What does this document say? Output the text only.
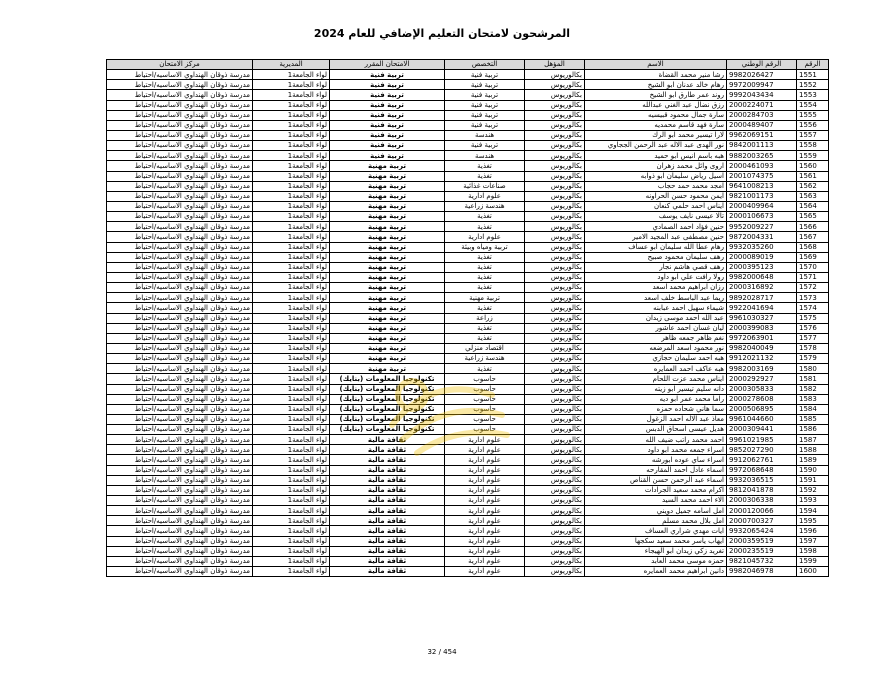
المرشحون لامتحان التعليم الإضافي للعام 2024
الرقم	الرقم الوطني	الاسم	المؤهل	التخصص	الامتحان المقرر	المديرية	مركز الامتحان
1551	9982026427	رشا منير محمد القضاة	بكالوريوس	تربية فنية	تربية فنية	لواء الجامعة1	مدرسة ذوقان الهنداوي الاساسيه/احتياط
1552	9972009947	رهام خالد عدنان ابو الشيخ	بكالوريوس	تربية فنية	تربية فنية	لواء الجامعة1	مدرسة ذوقان الهنداوي الاساسيه/احتياط
1553	9992043434	روند عمر طارق ابو الشيخ	بكالوريوس	تربية فنية	تربية فنية	لواء الجامعة1	مدرسة ذوقان الهنداوي الاساسيه/احتياط
1554	2000224071	رزق نضال عبد الغني عبدالله	بكالوريوس	تربية فنية	تربية فنية	لواء الجامعة1	مدرسة ذوقان الهنداوي الاساسيه/احتياط
1555	2000284703	سارة جمال محمود قبيسيه	بكالوريوس	تربية فنية	تربية فنية	لواء الجامعة1	مدرسة ذوقان الهنداوي الاساسيه/احتياط
1556	2000489407	سارة فهد قاسم محمديه	بكالوريوس	تربية فنية	تربية فنية	لواء الجامعة1	مدرسة ذوقان الهنداوي الاساسيه/احتياط
1557	9962069151	لارا تيسير محمد ابو الرك	بكالوريوس	هندسة	تربية فنية	لواء الجامعة1	مدرسة ذوقان الهنداوي الاساسيه/احتياط
1558	9842001113	نور الهدى عبد الاله عبد الرحمن الججاوي	بكالوريوس	تربية فنية	تربية فنية	لواء الجامعة1	مدرسة ذوقان الهنداوي الاساسيه/احتياط
1559	9882003265	هبه باسم انيس ابو حميد	بكالوريوس	هندسة	تربية فنية	لواء الجامعة1	مدرسة ذوقان الهنداوي الاساسيه/احتياط
1560	2000461093	اروى وائل محمد زهران	بكالوريوس	تغذية	تربية مهنية	لواء الجامعة1	مدرسة ذوقان الهنداوي الاساسيه/احتياط
1561	2001074375	اسيل رياض سليمان ابو ذوابه	بكالوريوس	تغذية	تربية مهنية	لواء الجامعة1	مدرسة ذوقان الهنداوي الاساسيه/احتياط
1562	9641008213	امجد محمد حمد حجاب	بكالوريوس	صناعات غذائية	تربية مهنية	لواء الجامعة1	مدرسة ذوقان الهنداوي الاساسيه/احتياط
1563	9821001173	ايمن محمود حسن الحراونه	بكالوريوس	علوم ادارية	تربية مهنية	لواء الجامعة1	مدرسة ذوقان الهنداوي الاساسيه/احتياط
1564	2000409964	ايناس احمد حلمي كنعان	بكالوريوس	هندسة زراعية	تربية مهنية	لواء الجامعة1	مدرسة ذوقان الهنداوي الاساسيه/احتياط
1565	2000106673	تالا عيسى نايف يوسف	بكالوريوس	تغذية	تربية مهنية	لواء الجامعة1	مدرسة ذوقان الهنداوي الاساسيه/احتياط
1566	9952009227	حنين فؤاد احمد الصمادي	بكالوريوس	تغذية	تربية مهنية	لواء الجامعة1	مدرسة ذوقان الهنداوي الاساسيه/احتياط
1567	9872004331	حنين مصطفى عبد المجيد الامير	بكالوريوس	علوم ادارية	تربية مهنية	لواء الجامعة1	مدرسة ذوقان الهنداوي الاساسيه/احتياط
1568	9932035260	رهام عطا الله سليمان ابو عساف	بكالوريوس	تربية ومياه وبيئة	تربية مهنية	لواء الجامعة1	مدرسة ذوقان الهنداوي الاساسيه/احتياط
1569	2000089019	رهف سليمان محمود صبيح	بكالوريوس	تغذية	تربية مهنية	لواء الجامعة1	مدرسة ذوقان الهنداوي الاساسيه/احتياط
1570	2000395123	رهف قصي هاشم نجار	بكالوريوس	تغذية	تربية مهنية	لواء الجامعة1	مدرسة ذوقان الهنداوي الاساسيه/احتياط
1571	9982000648	رولا رافت علي ابو داود	بكالوريوس	تغذية	تربية مهنية	لواء الجامعة1	مدرسة ذوقان الهنداوي الاساسيه/احتياط
1572	2000316892	رزان ابراهيم محمد اسعد	بكالوريوس	تغذية	تربية مهنية	لواء الجامعة1	مدرسة ذوقان الهنداوي الاساسيه/احتياط
1573	9892028717	ريما عبد الباسط خلف اسعد	بكالوريوس	تربية مهنية	تربية مهنية	لواء الجامعة1	مدرسة ذوقان الهنداوي الاساسيه/احتياط
1574	9922041694	شيماء سهيل احمد عبابنه	بكالوريوس	تغذية	تربية مهنية	لواء الجامعة1	مدرسة ذوقان الهنداوي الاساسيه/احتياط
1575	9961030327	عبد الله احمد موسى زيدان	بكالوريوس	زراعة	تربية مهنية	لواء الجامعة1	مدرسة ذوقان الهنداوي الاساسيه/احتياط
1576	2000399083	ليان غسان احمد عاشور	بكالوريوس	تغذية	تربية مهنية	لواء الجامعة1	مدرسة ذوقان الهنداوي الاساسيه/احتياط
1577	9972063901	نغم ظاهر جمعه ظاهر	بكالوريوس	تغذية	تربية مهنية	لواء الجامعة1	مدرسة ذوقان الهنداوي الاساسيه/احتياط
1578	9982040049	نور محمود اسعد المرضعه	بكالوريوس	اقتصاد منزلي	تربية مهنية	لواء الجامعة1	مدرسة ذوقان الهنداوي الاساسيه/احتياط
1579	9912021132	هبه احمد سليمان حجازي	بكالوريوس	هندسة زراعية	تربية مهنية	لواء الجامعة1	مدرسة ذوقان الهنداوي الاساسيه/احتياط
1580	9982003169	هبه عاكف احمد العمايره	بكالوريوس	تغذية	تربية مهنية	لواء الجامعة1	مدرسة ذوقان الهنداوي الاساسيه/احتياط
1581	2000292927	ايناس محمد عزت اللحام	بكالوريوس	حاسوب	تكنولوجيا المعلومات (بنايك)	لواء الجامعة1	مدرسة ذوقان الهنداوي الاساسيه/احتياط
1582	2000305833	دانه سليم تيسير ابو زيته	بكالوريوس	حاسوب	تكنولوجيا المعلومات (بنايك)	لواء الجامعة1	مدرسة ذوقان الهنداوي الاساسيه/احتياط
1583	2000278608	راما محمد عمر ابو ديه	بكالوريوس	حاسوب	تكنولوجيا المعلومات (بنايك)	لواء الجامعة1	مدرسة ذوقان الهنداوي الاساسيه/احتياط
1584	2000506895	سما هاني شحاده حمزه	بكالوريوس	حاسوب	تكنولوجيا المعلومات (بنايك)	لواء الجامعة1	مدرسة ذوقان الهنداوي الاساسيه/احتياط
1585	9961044660	معاذ عبد الاله احمد الزغول	بكالوريوس	حاسوب	تكنولوجيا المعلومات (بنايك)	لواء الجامعة1	مدرسة ذوقان الهنداوي الاساسيه/احتياط
1586	2000309441	هديل عيسى اسحاق الدبس	بكالوريوس	حاسوب	تكنولوجيا المعلومات (بنايك)	لواء الجامعة1	مدرسة ذوقان الهنداوي الاساسيه/احتياط
1587	9961021985	احمد محمد راتب ضيف الله	بكالوريوس	علوم ادارية	ثقافة مالية	لواء الجامعة1	مدرسة ذوقان الهنداوي الاساسيه/احتياط
1588	9852027290	اسراء جمعه محمد ابو داود	بكالوريوس	علوم ادارية	ثقافة مالية	لواء الجامعة1	مدرسة ذوقان الهنداوي الاساسيه/احتياط
1589	9912062761	اسراء ساي عوده ابورشه	بكالوريوس	علوم ادارية	ثقافة مالية	لواء الجامعة1	مدرسة ذوقان الهنداوي الاساسيه/احتياط
1590	9972068648	اسماء عادل احمد المقارحه	بكالوريوس	علوم ادارية	ثقافة مالية	لواء الجامعة1	مدرسة ذوقان الهنداوي الاساسيه/احتياط
1591	9932036515	اسماء عبد الرحمن حسن القناص	بكالوريوس	علوم ادارية	ثقافة مالية	لواء الجامعة1	مدرسة ذوقان الهنداوي الاساسيه/احتياط
1592	9812041878	اكرام محمد سعيد الجرادات	بكالوريوس	علوم ادارية	ثقافة مالية	لواء الجامعة1	مدرسة ذوقان الهنداوي الاساسيه/احتياط
1593	2000306338	الاء احمد محمد السيد	بكالوريوس	علوم ادارية	ثقافة مالية	لواء الجامعة1	مدرسة ذوقان الهنداوي الاساسيه/احتياط
1594	2000120066	امل اسامه جميل دويني	بكالوريوس	علوم ادارية	ثقافة مالية	لواء الجامعة1	مدرسة ذوقان الهنداوي الاساسيه/احتياط
1595	2000700327	امل بلال محمد مسلم	بكالوريوس	علوم ادارية	ثقافة مالية	لواء الجامعة1	مدرسة ذوقان الهنداوي الاساسيه/احتياط
1596	9932065424	ايات مهدي شراري العساف	بكالوريوس	علوم ادارية	ثقافة مالية	لواء الجامعة1	مدرسة ذوقان الهنداوي الاساسيه/احتياط
1597	2000359519	ايهاب ياسر محمد سعيد سكجها	بكالوريوس	علوم ادارية	ثقافة مالية	لواء الجامعة1	مدرسة ذوقان الهنداوي الاساسيه/احتياط
1598	2000235519	تغريد زكي زيدان ابو الهيجاء	بكالوريوس	علوم ادارية	ثقافة مالية	لواء الجامعة1	مدرسة ذوقان الهنداوي الاساسيه/احتياط
1599	9821045732	حمزه موسى محمد العابد	بكالوريوس	علوم ادارية	ثقافة مالية	لواء الجامعة1	مدرسة ذوقان الهنداوي الاساسيه/احتياط
1600	9982046978	دانين ابراهيم محمد العمايره	بكالوريوس	علوم ادارية	ثقافة مالية	لواء الجامعة1	مدرسة ذوقان الهنداوي الاساسيه/احتياط
32 / 454
